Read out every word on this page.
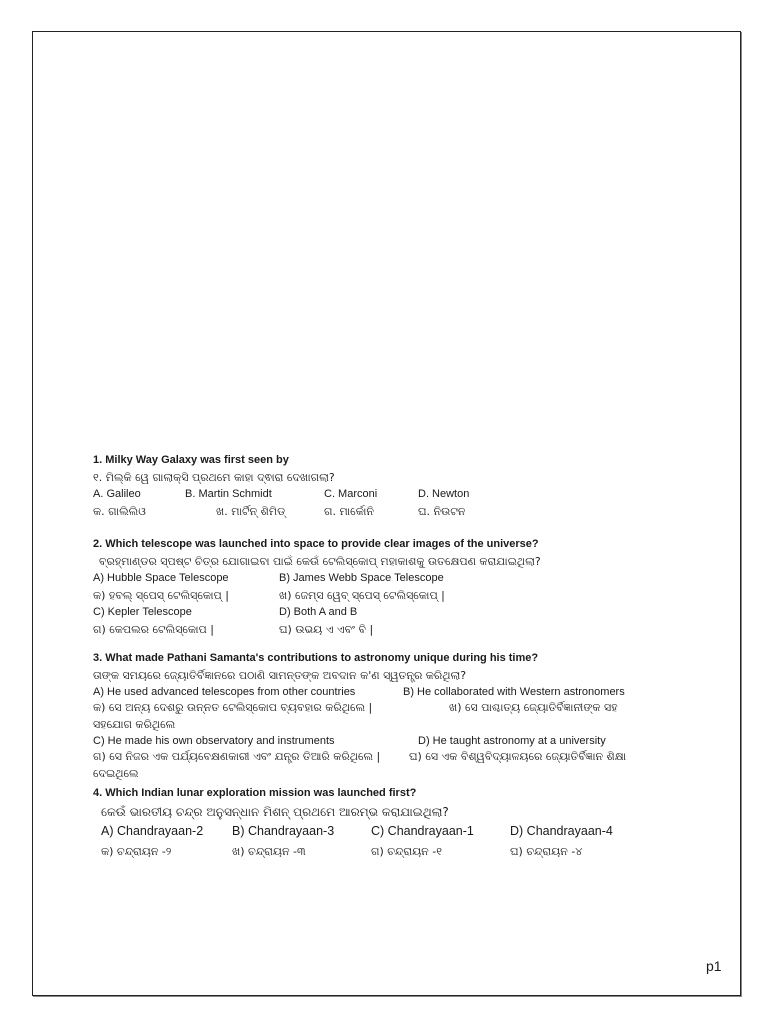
1. Milky Way Galaxy was first seen by
୧. ମିଲ୍କି ୱେ ଗାଲାକ୍ସି ପ୍ରଥମେ କାହା ଦ୍ଵାରା ଦେଖାଗଲା?
A. Galileo	B. Martin Schmidt	C. Marconi	D. Newton
କ. ଗାଲିଲିଓ	ଖ. ମାର୍ଟିନ୍ ଶିମିଡ୍	ଗ. ମାର୍କୋନି	ଘ. ନିଉଟନ
2. Which telescope was launched into space to provide clear images of the universe?
ବ୍ରହ୍ମାଣ୍ଡର ସ୍ପଷ୍ଟ ଚିତ୍ର ଯୋଗାଇବା ପାଇଁ କେଉଁ ଟେଲିସ୍କୋପ୍ ମହାକାଶକୁ ଉତକ୍ଷେପଣ କରାଯାଇଥିଲା?
A) Hubble Space Telescope	B) James Webb Space Telescope
କ) ହବଲ୍ ସ୍ପେସ୍ ଟେଲିସ୍କୋପ୍ |	ଖ) ଜେମ୍ସ ୱେବ୍ ସ୍ପେସ୍ ଟେଲିସ୍କୋପ୍ |
C) Kepler Telescope	D) Both A and B
ଗ) କେପଲର ଟେଲିସ୍କୋପ |	ଘ) ଉଭୟ ଏ ଏବଂ ବି |
3. What made Pathani Samanta's contributions to astronomy unique during his time?
ତାଙ୍କ ସମୟରେ ଜ୍ୟୋତିର୍ବିଜ୍ଞାନରେ ପଠାଣି ସାମନ୍ତଙ୍କ ଅବଦାନ କ'ଣ ସ୍ୱତନ୍ତ୍ର କରିଥିଲା?
A) He used advanced telescopes from other countries	B) He collaborated with Western astronomers
କ) ସେ ଅନ୍ୟ ଦେଶରୁ ଉନ୍ନତ ଟେଲିସ୍କୋପ ବ୍ୟବହାର କରିଥିଲେ |	ଖ) ସେ ପାଶ୍ଚାତ୍ୟ ଜ୍ୟୋତିର୍ବିଜ୍ଞାନୀଙ୍କ ସହ
ସହଯୋଗ କରିଥିଲେ
C) He made his own observatory and instruments	D) He taught astronomy at a university
ଗ) ସେ ନିଜର ଏକ ପର୍ଯ୍ୟବେକ୍ଷଣକାରୀ ଏବଂ ଯନ୍ତ୍ର ତିଆରି କରିଥିଲେ |	ଘ) ସେ ଏକ ବିଶ୍ୱବିଦ୍ୟାଳୟରେ ଜ୍ୟୋତିର୍ବିଜ୍ଞାନ ଶିକ୍ଷା
ଦେଇଥିଲେ
4. Which Indian lunar exploration mission was launched first?
କେଉଁ ଭାରତୀୟ ଚନ୍ଦ୍ର ଅନୁସନ୍ଧାନ ମିଶନ୍ ପ୍ରଥମେ ଆରମ୍ଭ କରାଯାଇଥିଲା?
A) Chandrayaan-2 B) Chandrayaan-3	C) Chandrayaan-1	D) Chandrayaan-4
କ) ଚନ୍ଦ୍ରାୟନ -୨	ଖ) ଚନ୍ଦ୍ରାୟନ -୩	ଗ) ଚନ୍ଦ୍ରାୟନ -୧	ଘ) ଚନ୍ଦ୍ରାୟନ -୪
p1
